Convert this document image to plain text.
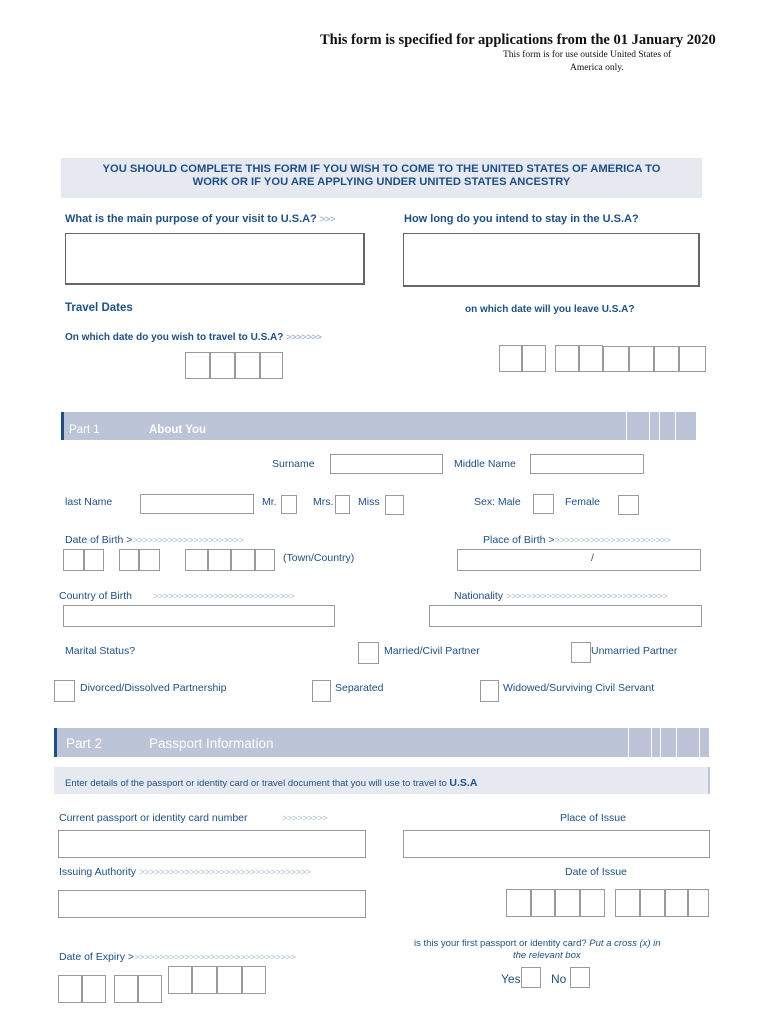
This form is specified for applications from the 01 January 2020
This form is for use outside United States of
America only.
YOU SHOULD COMPLETE THIS FORM IF YOU WISH TO COME TO THE UNITED STATES OF AMERICA TO
WORK OR IF YOU ARE APPLYING UNDER UNITED STATES ANCESTRY
What is the main purpose of your visit to U.S.A? >>>	How long do you intend to stay in the U.S.A?
Travel Dates	on which date will you leave U.S.A?
On which date do you wish to travel to U.S.A? >>>>>>>
Part 1	About You
Surname	Middle Name
last Name	Mr.	Mrs. Miss	Sex: Male	Female
Date of Birth >>>>>>>>>>>>>>>>>>>>>>>	Place of Birth >>>>>>>>>>>>>>>>>>>>>>>>
(Town/Country)	/
Country of Birth >>>>>>>>>>>>>>>>>>>>>>>>>>>>	Nationality >>>>>>>>>>>>>>>>>>>>>>>>>>>>>>>>
Marital Status?	Married/Civil Partner	Unmarried Partner
Divorced/Dissolved Partnership	Separated	Widowed/Surviving Civil Servant
Part 2	Passport Information
Enter details of the passport or identity card or travel document that you will use to travel to U.S.A
Current passport or identity card number	>>>>>>>>>	Place of Issue
Issuing Authority >>>>>>>>>>>>>>>>>>>>>>>>>>>>>>>>>>	Date of Issue
is this your first passport or identity card? Put a cross (x) in
the relevant box
Date of Expiry >>>>>>>>>>>>>>>>>>>>>>>>>>>>>>>>>
Yes	No
